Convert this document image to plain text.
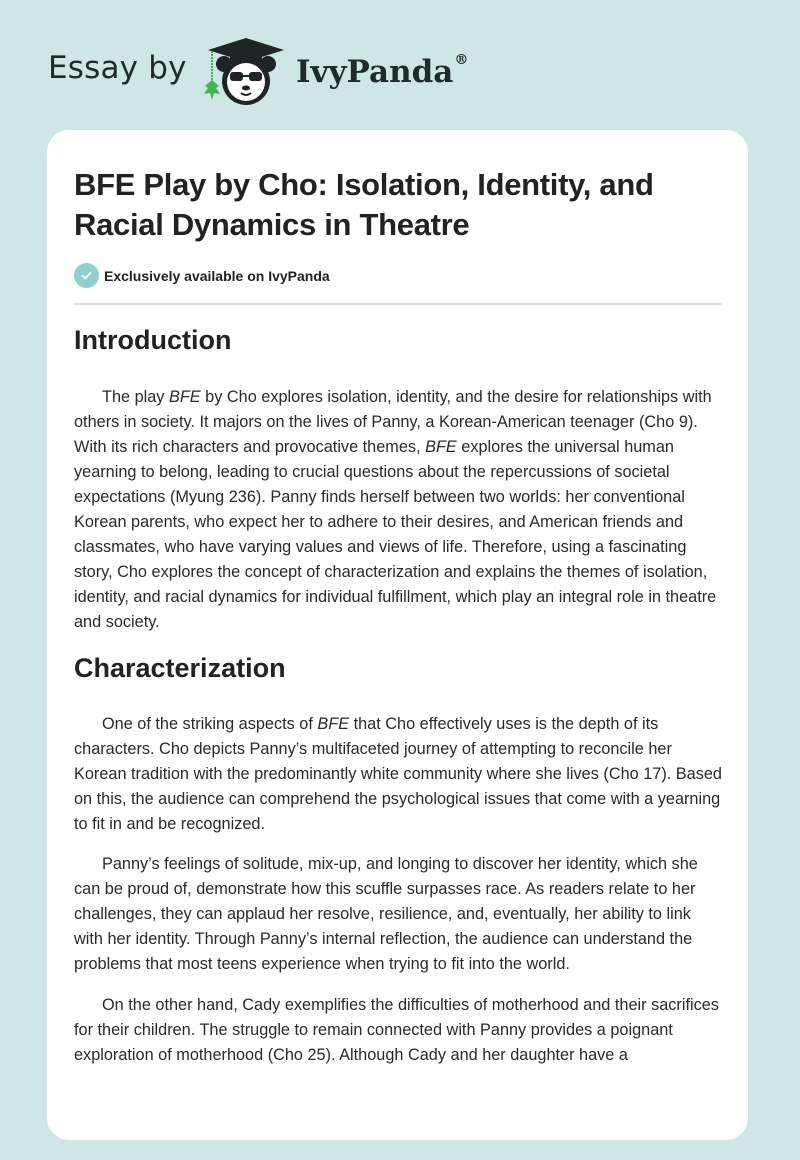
Essay by	IvyPanda®
BFE Play by Cho: Isolation, Identity, and Racial Dynamics in Theatre
Exclusively available on IvyPanda
Introduction

The play BFE by Cho explores isolation, identity, and the desire for relationships with others in society. It majors on the lives of Panny, a Korean-American teenager (Cho 9). With its rich characters and provocative themes, BFE explores the universal human yearning to belong, leading to crucial questions about the repercussions of societal expectations (Myung 236). Panny finds herself between two worlds: her conventional Korean parents, who expect her to adhere to their desires, and American friends and classmates, who have varying values and views of life. Therefore, using a fascinating story, Cho explores the concept of characterization and explains the themes of isolation, identity, and racial dynamics for individual fulfillment, which play an integral role in theatre and society.

Characterization

One of the striking aspects of BFE that Cho effectively uses is the depth of its characters. Cho depicts Panny’s multifaceted journey of attempting to reconcile her Korean tradition with the predominantly white community where she lives (Cho 17). Based on this, the audience can comprehend the psychological issues that come with a yearning to fit in and be recognized.

Panny’s feelings of solitude, mix-up, and longing to discover her identity, which she can be proud of, demonstrate how this scuffle surpasses race. As readers relate to her challenges, they can applaud her resolve, resilience, and, eventually, her ability to link with her identity. Through Panny’s internal reflection, the audience can understand the problems that most teens experience when trying to fit into the world.

On the other hand, Cady exemplifies the difficulties of motherhood and their sacrifices for their children. The struggle to remain connected with Panny provides a poignant exploration of motherhood (Cho 25). Although Cady and her daughter have a
